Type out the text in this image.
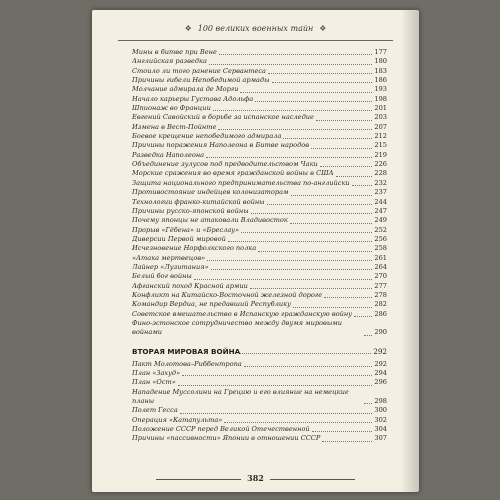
❖ 100 великих военных тайн ❖
Мины в битве при Вене	177
Английская разведка	180
Стоило ли того ранение Сервантеса	183
Причины гибели Непобедимой армады	186
Молчание адмирала де Морги	193
Начало карьеры Густава Адольфа	198
Шпионаж во Франции	201
Евгений Савойский в борьбе за испанское наследие	203
Измена в Вест-Пойнте	207
Боевое крещение непобедимого адмирала	212
Причины поражения Наполеона в Битве народов	215
Разведка Наполеона	219
Объединение зулусов под предводительством Чаки	226
Морские сражения во время гражданской войны в США	228
Защита национального предпринимательства по-английски	232
Противостояние индейцев колонизаторам	237
Технологии франко-китайской войны	244
Причины русско-японской войны	247
Почему японцы не атаковали Владивосток	249
Прорыв «Гёбена» и «Бреслау»	252
Диверсии Первой мировой	256
Исчезновение Норфолкского полка	258
«Атака мертвецов»	261
Лайнер «Лузитания»	264
Белый бог войны	270
Афганский поход Красной армии	277
Конфликт на Китайско-Восточной железной дороге	278
Командир Вердиа, не предавший Республику	282
Советское вмешательство в Испанскую гражданскую войну	286
Фино-эстонское сотрудничество между двумя мировыми войнами	290
ВТОРАЯ МИРОВАЯ ВОЙНА	292
Пакт Молотова–Риббентропа	292
План «Захуд»	294
План «Ост»	296
Нападение Муссолини на Грецию и его влияние на немецкие планы	298
Полет Гесса	300
Операция «Катапульта»	302
Положение СССР перед Великой Отечественной	304
Причины «пассивности» Японии в отношении СССР	307
382
